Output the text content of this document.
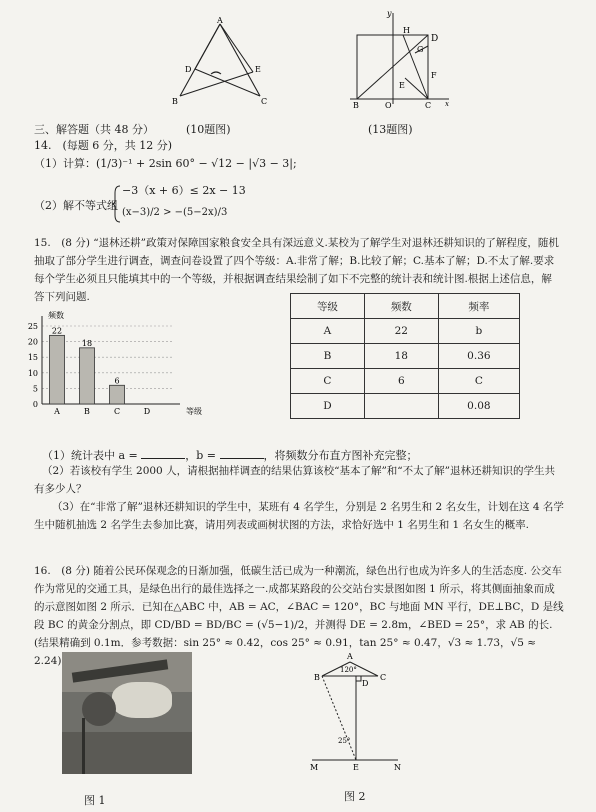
A
B	C
D	E
y
H
G
D
F
E
B	O	C x
三、解答题（共 48 分）	(10题图)	(13题图)
14.　(每题 6 分，共 12 分)
（1）计算：(1/3)⁻¹ + 2sin 60° − √12 − |√3 − 3|;
（2）解不等式组
−3（x + 6）≤ 2x − 13
(x−3)/2 > −(5−2x)/3
15.　(8 分) “退林还耕”政策对保障国家粮食安全具有深远意义.某校为了解学生对退林还耕知识的了解程度，随机抽取了部分学生进行调查，调查问卷设置了四个等级：A.非常了解；B.比较了解；C.基本了解；D.不太了解.要求每个学生必须且只能填其中的一个等级，并根据调查结果绘制了如下不完整的统计表和统计图.根据上述信息，解答下列问题.
0
5
10
15
20
25
频数
等级
22
A
18
B
6
C	D
等级	频数	频率
A	22	b
B	18	0.36
C	6	C
D		0.08
（1）统计表中 a =	，b =	，将频数分布直方图补充完整；
（2）若该校有学生 2000 人，请根据抽样调查的结果估算该校“基本了解”和“不太了解”退林还耕知识的学生共有多少人？
（3）在“非常了解”退林还耕知识的学生中，某班有 4 名学生，分别是 2 名男生和 2 名女生，计划在这 4 名学生中随机抽选 2 名学生去参加比赛，请用列表或画树状图的方法，求恰好选中 1 名男生和 1 名女生的概率.
16.　(8 分) 随着公民环保观念的日渐加强，低碳生活已成为一种潮流，绿色出行也成为许多人的生活态度. 公交车作为常见的交通工具，是绿色出行的最佳选择之一.成都某路段的公交站台实景图如图 1 所示，将其侧面抽象而成的示意图如图 2 所示．已知在△ABC 中，AB = AC，∠BAC = 120°，BC 与地面 MN 平行，DE⊥BC，D 是线段 BC 的黄金分割点，即 CD/BD = BD/BC = (√5−1)/2，并测得 DE = 2.8m，∠BED = 25°，求 AB 的长. (结果精确到 0.1m．参考数据：sin 25° ≈ 0.42，cos 25° ≈ 0.91，tan 25° ≈ 0.47，√3 ≈ 1.73，√5 ≈ 2.24)
图 1
A
120°
B
D
C
25°
M	E	N
图 2
